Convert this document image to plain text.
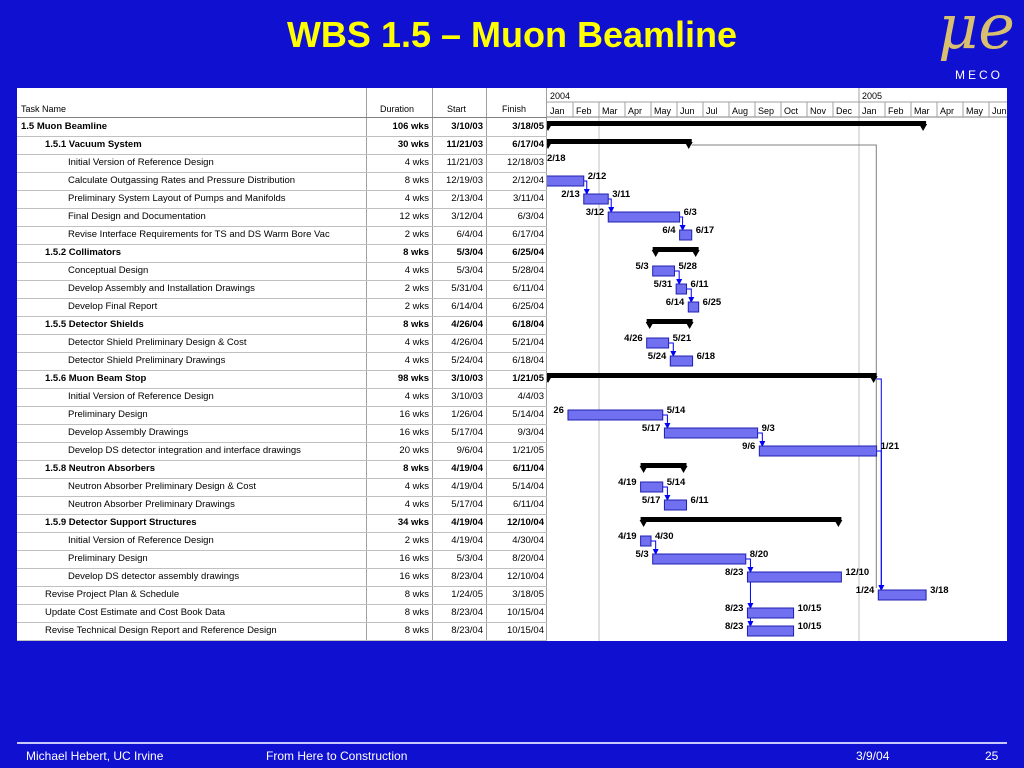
WBS 1.5 – Muon Beamline	μe
MECO
Task Name	Duration	Start	Finish
1.5 Muon Beamline	106 wks	3/10/03	3/18/05
1.5.1 Vacuum System	30 wks	11/21/03	6/17/04
Initial Version of Reference Design	4 wks	11/21/03	12/18/03
Calculate Outgassing Rates and Pressure Distribution	8 wks	12/19/03	2/12/04
Preliminary System Layout of Pumps and Manifolds	4 wks	2/13/04	3/11/04
Final Design and Documentation	12 wks	3/12/04	6/3/04
Revise Interface Requirements for TS and DS Warm Bore Vac	2 wks	6/4/04	6/17/04
1.5.2 Collimators	8 wks	5/3/04	6/25/04
Conceptual Design	4 wks	5/3/04	5/28/04
Develop Assembly and Installation Drawings	2 wks	5/31/04	6/11/04
Develop Final Report	2 wks	6/14/04	6/25/04
1.5.5 Detector Shields	8 wks	4/26/04	6/18/04
Detector Shield Preliminary Design & Cost	4 wks	4/26/04	5/21/04
Detector Shield Preliminary Drawings	4 wks	5/24/04	6/18/04
1.5.6 Muon Beam Stop	98 wks	3/10/03	1/21/05
Initial Version of Reference Design	4 wks	3/10/03	4/4/03
Preliminary Design	16 wks	1/26/04	5/14/04
Develop Assembly Drawings	16 wks	5/17/04	9/3/04
Develop DS detector integration and interface drawings	20 wks	9/6/04	1/21/05
1.5.8 Neutron Absorbers	8 wks	4/19/04	6/11/04
Neutron Absorber Preliminary Design & Cost	4 wks	4/19/04	5/14/04
Neutron Absorber Preliminary Drawings	4 wks	5/17/04	6/11/04
1.5.9 Detector Support Structures	34 wks	4/19/04	12/10/04
Initial Version of Reference Design	2 wks	4/19/04	4/30/04
Preliminary Design	16 wks	5/3/04	8/20/04
Develop DS detector assembly drawings	16 wks	8/23/04	12/10/04
Revise Project Plan & Schedule	8 wks	1/24/05	3/18/05
Update Cost Estimate and Cost Book Data	8 wks	8/23/04	10/15/04
Revise Technical Design Report and Reference Design	8 wks	8/23/04	10/15/04
2004	2005
Jan Feb Mar Apr May Jun Jul Aug Sep Oct Nov Dec Jan Feb Mar Apr May Jun
2/18
2/12
2/13	3/11
3/12	6/3
6/4 6/17
5/3	5/28
5/31 6/11
6/14 6/25
4/26	5/21
5/24	6/18
26	5/14
5/17	9/3
9/6	1/21
4/19	5/14
5/17	6/11
4/19 4/30
5/3	8/20
8/23	12/10
1/24	3/18
8/23	10/15
8/23	10/15
Michael Hebert, UC Irvine	From Here to Construction	3/9/04	25
